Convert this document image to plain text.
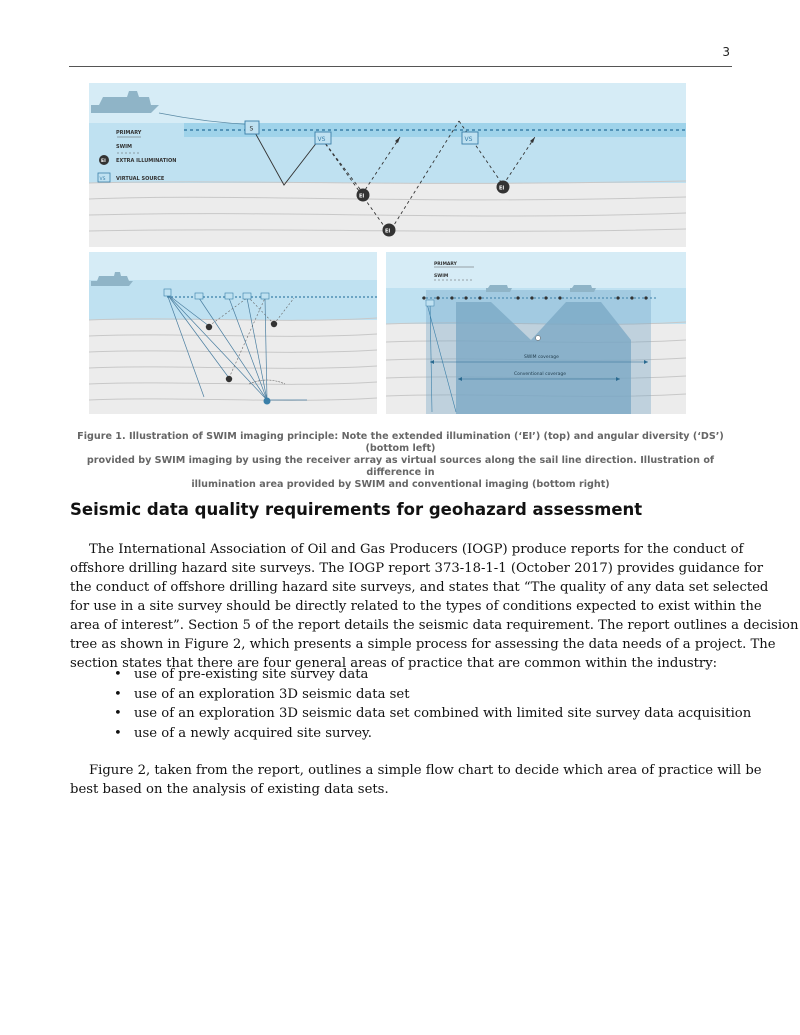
3
PRIMARY
SWIM
EI EXTRA ILLUMINATION
VS VIRTUAL SOURCE
S
VS	VS
EI
EI
EI
PRIMARY
SWIM
SWIM coverage
Conventional coverage
Figure 1. Illustration of SWIM imaging principle: Note the extended illumination (‘EI’) (top) and angular diversity (‘DS’) (bottom left)
provided by SWIM imaging by using the receiver array as virtual sources along the sail line direction. Illustration of difference in
illumination area provided by SWIM and conventional imaging (bottom right)
Seismic data quality requirements for geohazard assessment

The International Association of Oil and Gas Producers (IOGP) produce reports for the conduct of
offshore drilling hazard site surveys. The IOGP report 373-18-1-1 (October 2017) provides guidance for
the conduct of offshore drilling hazard site surveys, and states that “The quality of any data set selected
for use in a site survey should be directly related to the types of conditions expected to exist within the
area of interest”. Section 5 of the report details the seismic data requirement. The report outlines a decision
tree as shown in Figure 2, which presents a simple process for assessing the data needs of a project. The
section states that there are four general areas of practice that are common within the industry:

• use of pre-existing site survey data
• use of an exploration 3D seismic data set
• use of an exploration 3D seismic data set combined with limited site survey data acquisition
• use of a newly acquired site survey.

Figure 2, taken from the report, outlines a simple flow chart to decide which area of practice will be
best based on the analysis of existing data sets.
